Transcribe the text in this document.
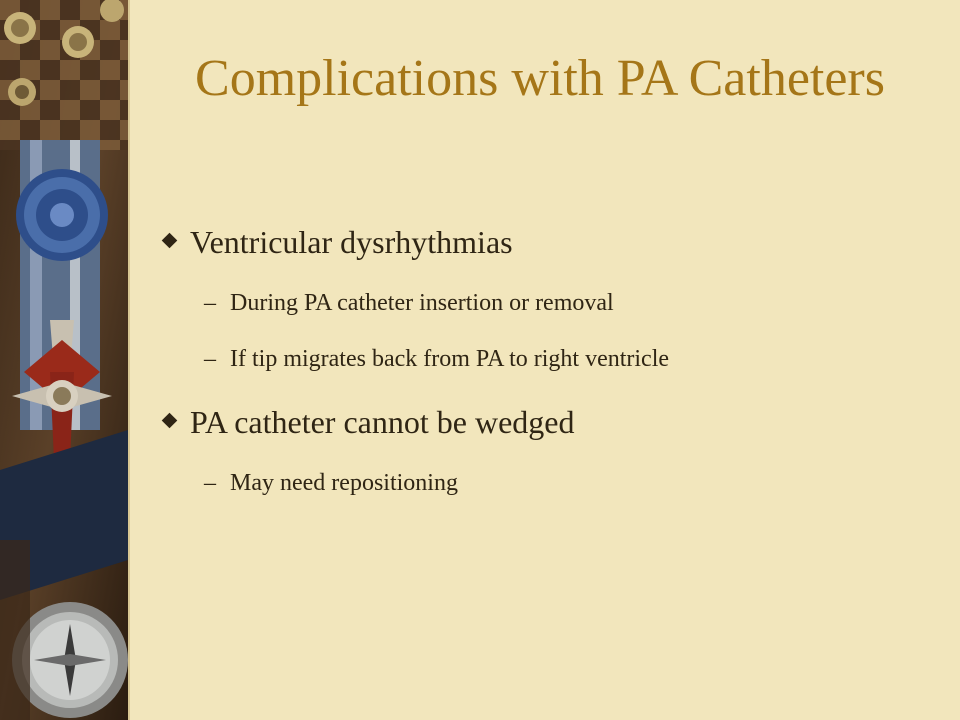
Complications with PA Catheters
Ventricular dysrhythmias
– During PA catheter insertion or removal
– If tip migrates back from PA to right ventricle
PA catheter cannot be wedged
– May need repositioning
